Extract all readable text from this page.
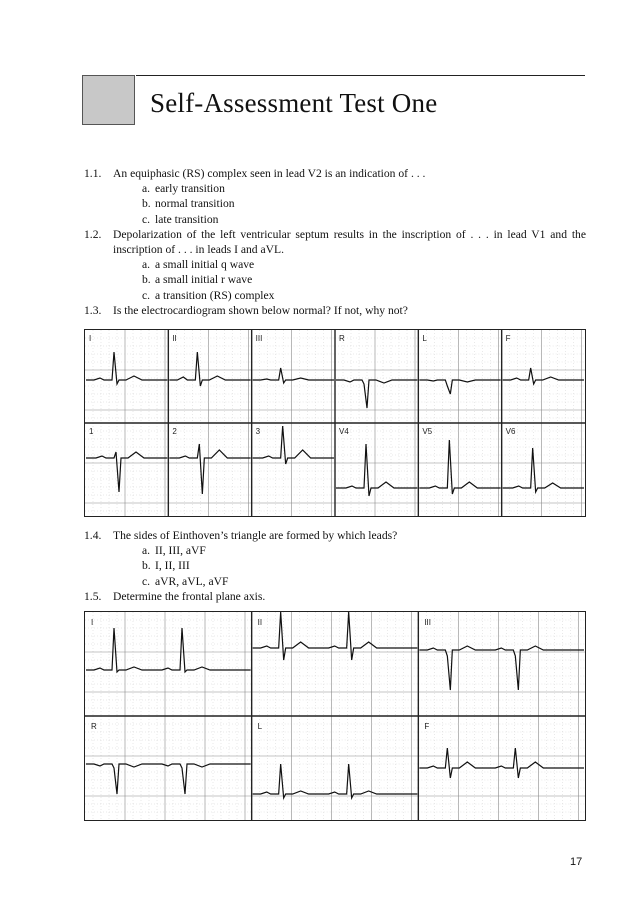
Self-Assessment Test One
1.1. An equiphasic (RS) complex seen in lead V2 is an indication of . . .
a. early transition
b. normal transition
c. late transition
1.2. Depolarization of the left ventricular septum results in the inscription of . . . in lead V1 and the inscription of . . . in leads I and aVL.
a. a small initial q wave
b. a small initial r wave
c. a transition (RS) complex
1.3. Is the electrocardiogram shown below normal? If not, why not?
I
1
II
2
III
3
R
V4
L
V5
F
V6
1.4. The sides of Einthoven’s triangle are formed by which leads?
a. II, III, aVF
b. I, II, III
c. aVR, aVL, aVF
1.5. Determine the frontal plane axis.
I
R
II
L
III
F
17
